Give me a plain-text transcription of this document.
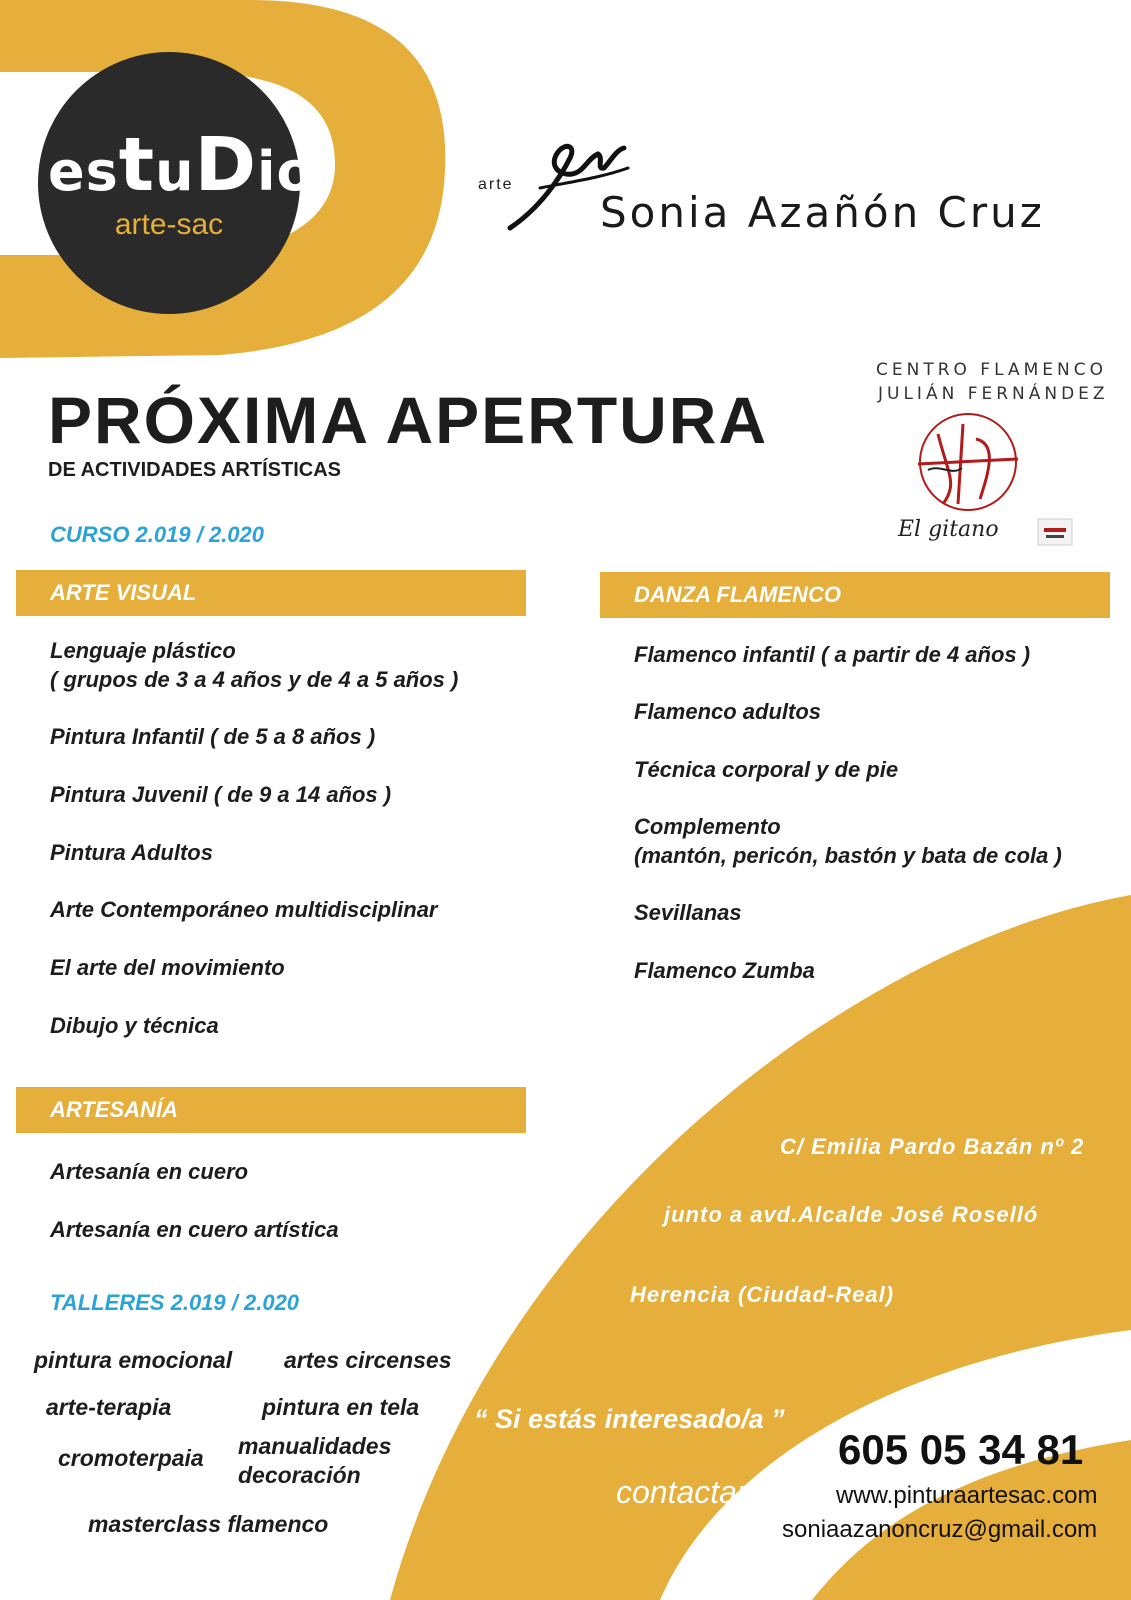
estuDio
arte-sac
arte
Sonia Azañón Cruz
PRÓXIMA APERTURA
DE ACTIVIDADES ARTÍSTICAS
CURSO 2.019 / 2.020
CENTRO FLAMENCO
JULIÁN FERNÁNDEZ
El gitano
ARTE VISUAL	DANZA FLAMENCO
ARTESANÍA
Lenguaje plástico
( grupos de 3 a 4 años y de 4 a 5 años )
Pintura Infantil ( de 5 a 8 años )
Pintura Juvenil ( de 9 a 14 años )
Pintura Adultos
Arte Contemporáneo multidisciplinar
El arte del movimiento
Dibujo y técnica
Flamenco infantil ( a partir de 4 años )
Flamenco adultos
Técnica corporal y de pie
Complemento
(mantón, pericón, bastón y bata de cola )
Sevillanas
Flamenco Zumba
Artesanía en cuero
Artesanía en cuero artística
TALLERES 2.019 / 2.020
pintura emocional artes circenses
arte-terapia	pintura en tela
cromoterpaia manualidades
decoración
masterclass flamenco
C/ Emilia Pardo Bazán nº 2
junto a avd.Alcalde José Roselló
Herencia (Ciudad-Real)
“ Si estás interesado/a ”
contactar
605 05 34 81
www.pinturaartesac.com
soniaazanoncruz@gmail.com
